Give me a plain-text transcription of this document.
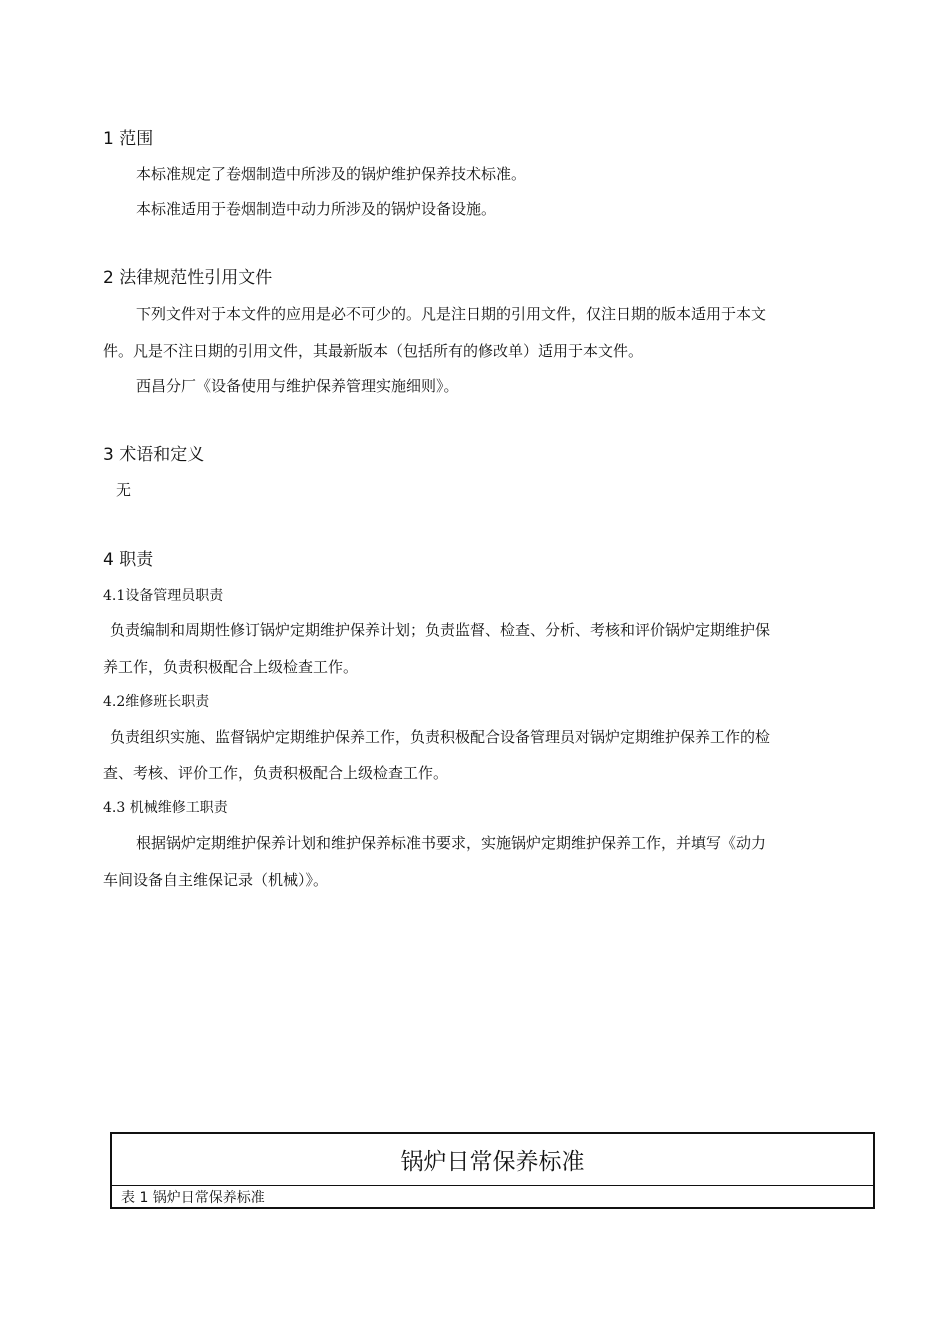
1 范围
本标准规定了卷烟制造中所涉及的锅炉维护保养技术标准。
本标准适用于卷烟制造中动力所涉及的锅炉设备设施。
2 法律规范性引用文件
下列文件对于本文件的应用是必不可少的。凡是注日期的引用文件，仅注日期的版本适用于本文
件。凡是不注日期的引用文件，其最新版本（包括所有的修改单）适用于本文件。
西昌分厂《设备使用与维护保养管理实施细则》。
3 术语和定义
无
4 职责
4.1设备管理员职责
负责编制和周期性修订锅炉定期维护保养计划；负责监督、检查、分析、考核和评价锅炉定期维护保
养工作，负责积极配合上级检查工作。
4.2维修班长职责
负责组织实施、监督锅炉定期维护保养工作，负责积极配合设备管理员对锅炉定期维护保养工作的检
查、考核、评价工作，负责积极配合上级检查工作。
4.3 机械维修工职责
根据锅炉定期维护保养计划和维护保养标准书要求，实施锅炉定期维护保养工作，并填写《动力
车间设备自主维保记录（机械）》。
锅炉日常保养标准
表 1 锅炉日常保养标准
